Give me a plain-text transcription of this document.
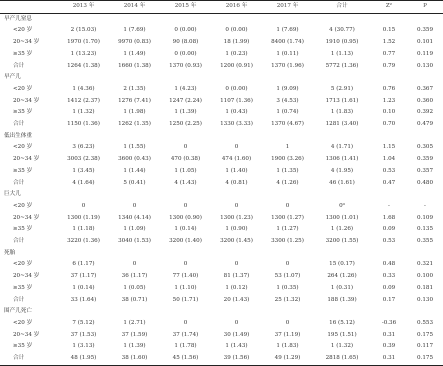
	2013 年	2014 年	2015 年	2016 年	2017 年	合计	Z²	P
早产儿窒息								
<20 岁	2 (15.03)	1 (7.69)	0 (0.00)	0 (0.00)	1 (7.69)	4 (30.77)	0.15	0.359
20~34 岁	1970 (1.70)	9970 (0.83)	90 (8.08)	18 (1.99)	8400 (1.74)	1910 (0.95)	1.52	0.101
≥35 岁	1 (13.23)	1 (1.49)	0 (0.00)	1 (0.23)	1 (0.11)	1 (1.13)	0.77	0.119
合计	1264 (1.38)	1660 (1.38)	1370 (0.93)	1200 (0.91)	1370 (1.96)	5772 (1.36)	0.79	0.130
早产儿								
<20 岁	1 (4.36)	2 (1.35)	1 (4.23)	0 (0.00)	1 (9.09)	5 (2.91)	0.76	0.367
20~34 岁	1412 (2.37)	1276 (7.41)	1247 (2.24)	1107 (1.36)	3 (4.53)	1713 (1.61)	1.23	0.360
≥35 岁	1 (1.32)	1 (1.98)	1 (1.39)	1 (0.43)	1 (0.74)	1 (1.83)	0.10	0.392
合计	1150 (1.36)	1262 (1.35)	1250 (2.25)	1330 (3.33)	1370 (4.67)	1281 (3.40)	0.70	0.479
低出生体重								
<20 岁	3 (6.23)	1 (1.55)	0	0	1	4 (1.71)	1.15	0.305
20~34 岁	3003 (2.38)	3600 (0.43)	470 (0.38)	474 (1.60)	1900 (3.26)	1306 (1.41)	1.04	0.359
≥35 岁	1 (3.45)	1 (1.44)	1 (1.05)	1 (1.40)	1 (1.35)	4 (1.95)	0.53	0.357
合计	4 (1.64)	5 (0.41)	4 (1.43)	4 (0.81)	4 (1.26)	46 (1.61)	0.47	0.480
巨大儿								
<20 岁	0	0	0	0	0	0⁰	-	-
20~34 岁	1300 (1.19)	1340 (4.14)	1300 (0.90)	1300 (1.23)	1300 (1.27)	1300 (1.01)	1.68	0.109
≥35 岁	1 (1.18)	1 (1.09)	1 (0.14)	1 (0.90)	1 (1.27)	1 (1.26)	0.09	0.135
合计	3220 (1.36)	3040 (1.53)	3200 (1.40)	3200 (1.45)	3300 (1.25)	3200 (1.55)	0.53	0.355
死胎								
<20 岁	6 (1.17)	0	0	0	0	15 (0.17)	0.48	0.321
20~34 岁	37 (1.17)	36 (1.17)	77 (1.40)	81 (1.37)	53 (1.07)	264 (1.26)	0.33	0.100
≥35 岁	1 (0.14)	1 (0.05)	1 (1.10)	1 (0.12)	1 (0.35)	1 (0.31)	0.09	0.181
合计	33 (1.64)	38 (0.71)	50 (1.71)	20 (1.43)	25 (1.32)	188 (1.39)	0.17	0.130
围产儿死亡								
<20 岁	7 (5.12)	1 (2.71)	0	0	0	16 (5.12)	-0.36	0.553
20~34 岁	37 (1.53)	37 (1.59)	37 (1.74)	30 (1.49)	37 (1.19)	195 (1.51)	0.31	0.175
≥35 岁	1 (3.13)	1 (1.39)	1 (1.78)	1 (1.43)	1 (1.83)	1 (1.32)	0.39	0.117
合计	48 (1.95)	38 (1.60)	45 (1.56)	39 (1.56)	49 (1.29)	2818 (1.65)	0.31	0.175
